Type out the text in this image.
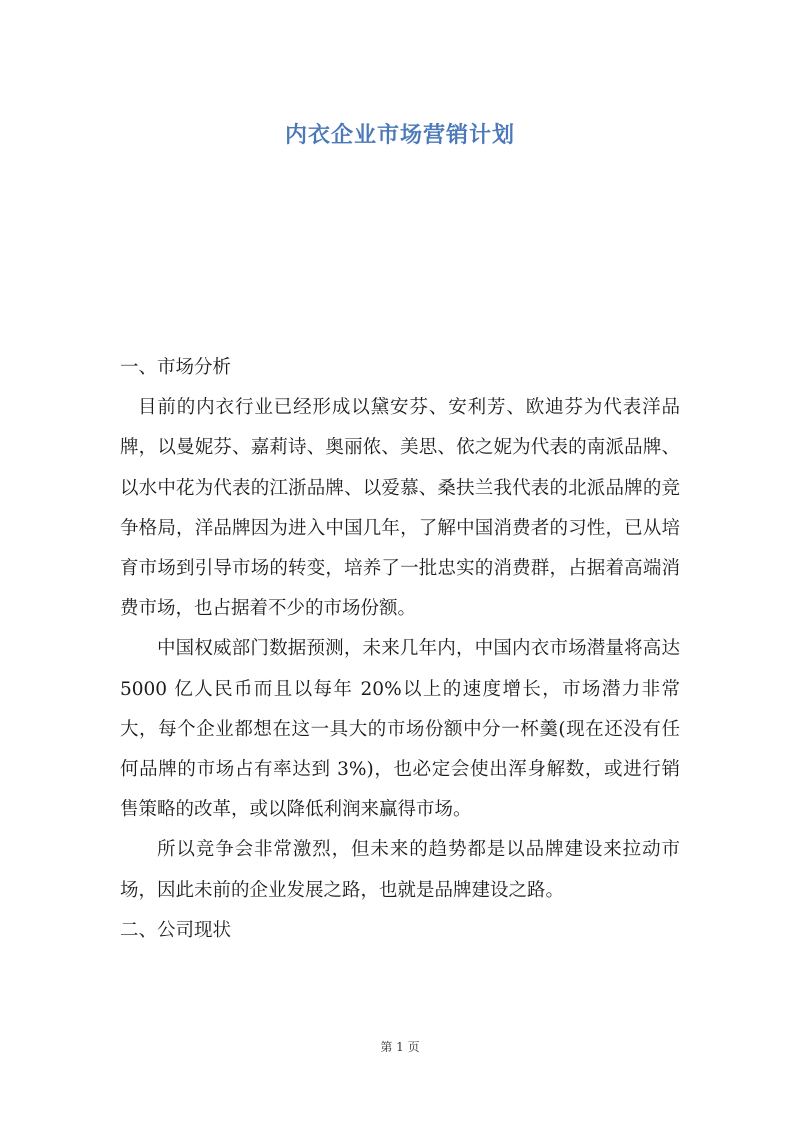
内衣企业市场营销计划

一、市场分析

目前的内衣行业已经形成以黛安芬、安利芳、欧迪芬为代表洋品牌，以曼妮芬、嘉莉诗、奥丽侬、美思、依之妮为代表的南派品牌、 以水中花为代表的江浙品牌、以爱慕、桑扶兰我代表的北派品牌的竞争格局，洋品牌因为进入中国几年，了解中国消费者的习性，已从培育市场到引导市场的转变，培养了一批忠实的消费群，占据着高端消费市场，也占据着不少的市场份额。

中国权威部门数据预测，未来几年内，中国内衣市场潜量将高达 5000 亿人民币而且以每年 20%以上的速度增长，市场潜力非常大，每个企业都想在这一具大的市场份额中分一杯羹(现在还没有任何品牌的市场占有率达到 3%)，也必定会使出浑身解数，或进行销售策略的改革，或以降低利润来赢得市场。

所以竞争会非常激烈，但未来的趋势都是以品牌建设来拉动市场，因此未前的企业发展之路，也就是品牌建设之路。

二、公司现状

第 1 页
